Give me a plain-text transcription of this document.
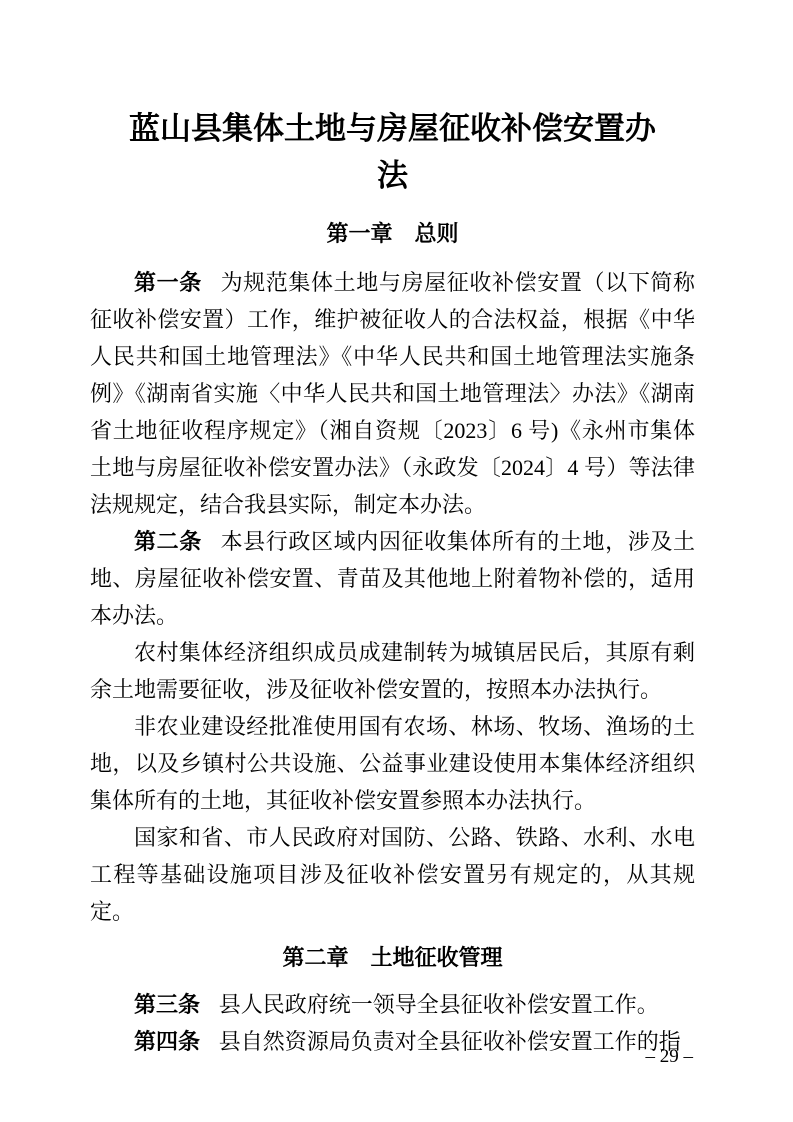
蓝山县集体土地与房屋征收补偿安置办法
第一章　总则

第一条 为规范集体土地与房屋征收补偿安置（以下简称征收补偿安置）工作，维护被征收人的合法权益，根据《中华人民共和国土地管理法》《中华人民共和国土地管理法实施条例》《湖南省实施〈中华人民共和国土地管理法〉办法》《湖南省土地征收程序规定》（湘自资规〔2023〕6 号)《永州市集体土地与房屋征收补偿安置办法》（永政发〔2024〕4 号）等法律法规规定，结合我县实际，制定本办法。

第二条 本县行政区域内因征收集体所有的土地，涉及土地、房屋征收补偿安置、青苗及其他地上附着物补偿的，适用本办法。

农村集体经济组织成员成建制转为城镇居民后，其原有剩余土地需要征收，涉及征收补偿安置的，按照本办法执行。

非农业建设经批准使用国有农场、林场、牧场、渔场的土地，以及乡镇村公共设施、公益事业建设使用本集体经济组织集体所有的土地，其征收补偿安置参照本办法执行。

国家和省、市人民政府对国防、公路、铁路、水利、水电工程等基础设施项目涉及征收补偿安置另有规定的，从其规定。

第二章　土地征收管理

第三条 县人民政府统一领导全县征收补偿安置工作。

第四条 县自然资源局负责对全县征收补偿安置工作的指

– 29 –
